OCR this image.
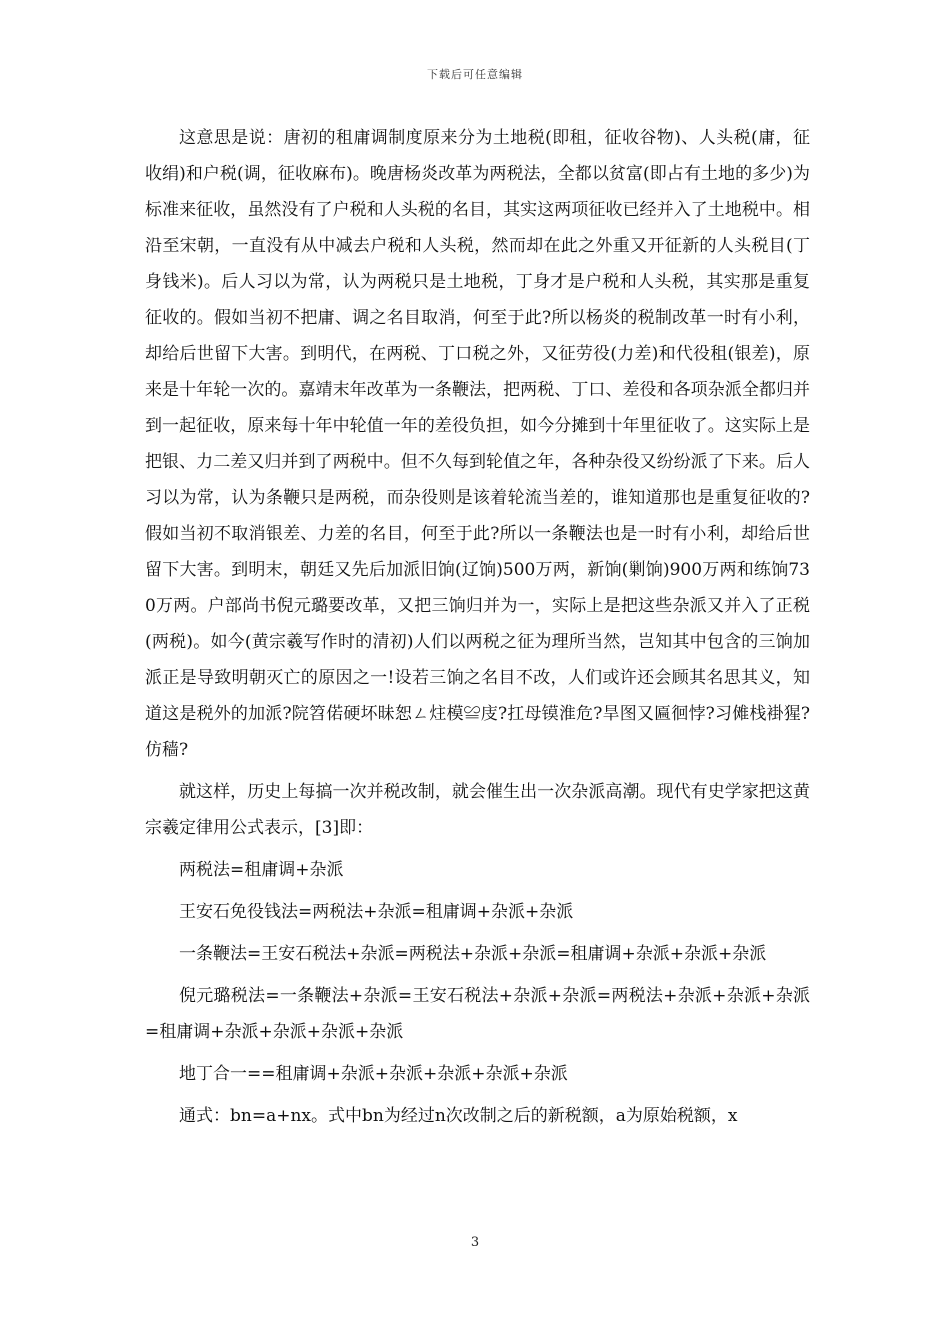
下载后可任意编辑

这意思是说：唐初的租庸调制度原来分为土地税(即租，征收谷物)、人头税(庸，征收绢)和户税(调，征收麻布)。晚唐杨炎改革为两税法，全都以贫富(即占有土地的多少)为标准来征收，虽然没有了户税和人头税的名目，其实这两项征收已经并入了土地税中。相沿至宋朝，一直没有从中减去户税和人头税，然而却在此之外重又开征新的人头税目(丁身钱米)。后人习以为常，认为两税只是土地税，丁身才是户税和人头税，其实那是重复征收的。假如当初不把庸、调之名目取消，何至于此?所以杨炎的税制改革一时有小利，却给后世留下大害。到明代，在两税、丁口税之外，又征劳役(力差)和代役租(银差)，原来是十年轮一次的。嘉靖末年改革为一条鞭法，把两税、丁口、差役和各项杂派全都归并到一起征收，原来每十年中轮值一年的差役负担，如今分摊到十年里征收了。这实际上是把银、力二差又归并到了两税中。但不久每到轮值之年，各种杂役又纷纷派了下来。后人习以为常，认为条鞭只是两税，而杂役则是该着轮流当差的，谁知道那也是重复征收的?假如当初不取消银差、力差的名目，何至于此?所以一条鞭法也是一时有小利，却给后世留下大害。到明末，朝廷又先后加派旧饷(辽饷)500万两，新饷(剿饷)900万两和练饷730万两。户部尚书倪元璐要改革，又把三饷归并为一，实际上是把这些杂派又并入了正税(两税)。如今(黄宗羲写作时的清初)人们以两税之征为理所当然，岂知其中包含的三饷加派正是导致明朝灭亡的原因之一!设若三饷之名目不改，人们或许还会顾其名思其义，知道这是税外的加派?院笤偌硬坏昧恕ㄥ炷模≌庋?扛母镆淮危?旱图又匾徊悖?习傩栈褂猩?仿穑?

就这样，历史上每搞一次并税改制，就会催生出一次杂派高潮。现代有史学家把这黄宗羲定律用公式表示，[3]即：

两税法=租庸调+杂派

王安石免役钱法=两税法+杂派=租庸调+杂派+杂派

一条鞭法=王安石税法+杂派=两税法+杂派+杂派=租庸调+杂派+杂派+杂派

倪元璐税法=一条鞭法+杂派=王安石税法+杂派+杂派=两税法+杂派+杂派+杂派=租庸调+杂派+杂派+杂派+杂派

地丁合一==租庸调+杂派+杂派+杂派+杂派+杂派

通式：bn=a+nx。式中bn为经过n次改制之后的新税额，a为原始税额，x

3
